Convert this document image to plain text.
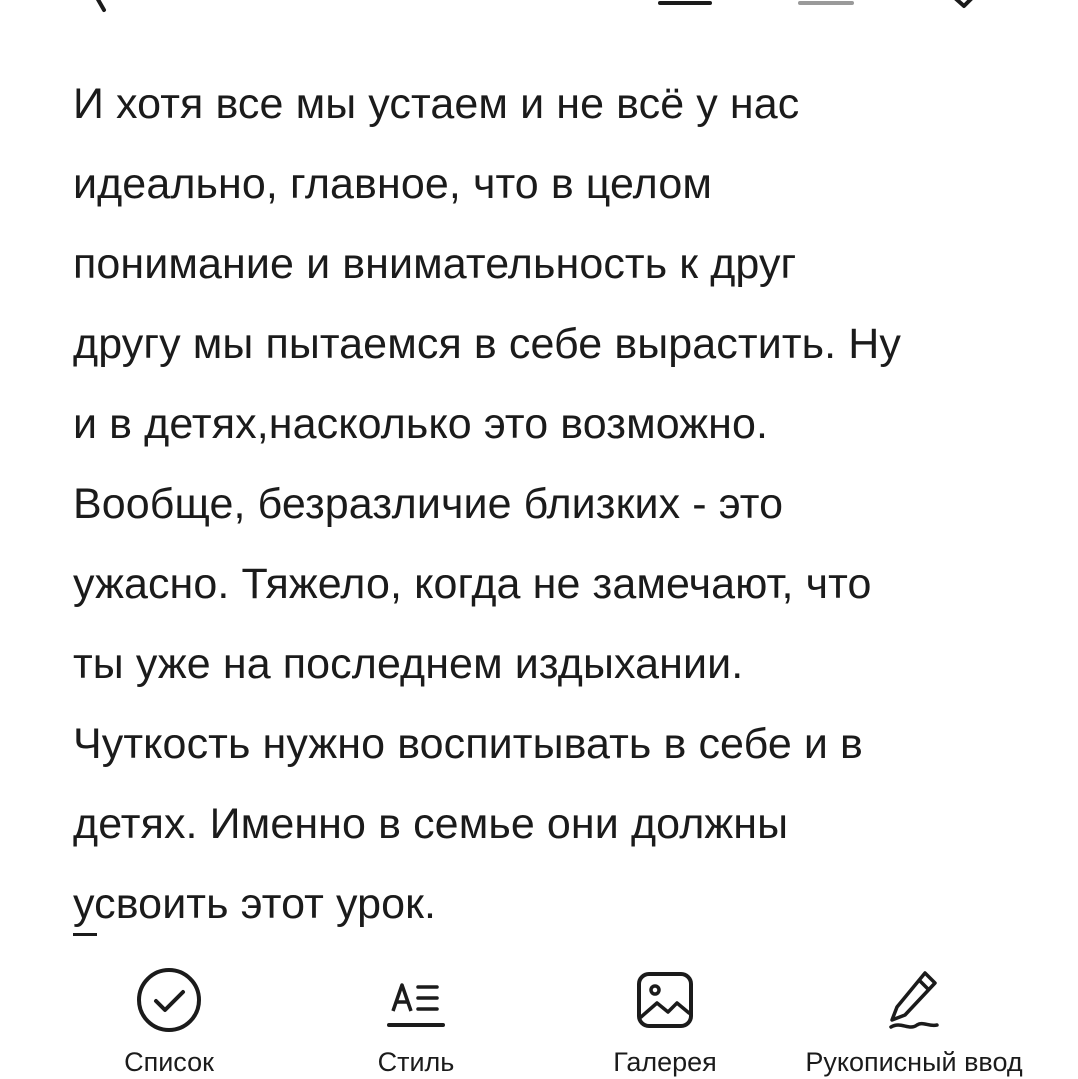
И хотя все мы устаем и не всё у нас
идеально, главное, что в целом
понимание и внимательность к друг
другу мы пытаемся в себе вырастить. Ну
и в детях,насколько это возможно.
Вообще, безразличие близких - это
ужасно. Тяжело, когда не замечают, что
ты уже на последнем издыхании.
Чуткость нужно воспитывать в себе и в
детях. Именно в семье они должны
усвоить этот урок.
Список	Стиль	Галерея	Рукописный ввод
